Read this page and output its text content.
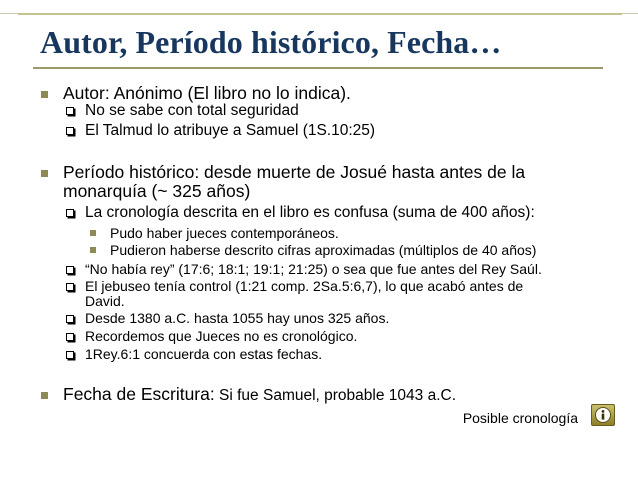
Autor, Período histórico, Fecha…
Autor: Anónimo (El libro no lo indica).
No se sabe con total seguridad
El Talmud lo atribuye a Samuel (1S.10:25)
Período histórico: desde muerte de Josué hasta antes de la
monarquía (~ 325 años)
La cronología descrita en el libro es confusa (suma de 400 años):
Pudo haber jueces contemporáneos.
Pudieron haberse descrito cifras aproximadas (múltiplos de 40 años)
“No había rey” (17:6; 18:1; 19:1; 21:25) o sea que fue antes del Rey Saúl.
El jebuseo tenía control (1:21 comp. 2Sa.5:6,7), lo que acabó antes de
David.
Desde 1380 a.C. hasta 1055 hay unos 325 años.
Recordemos que Jueces no es cronológico.
1Rey.6:1 concuerda con estas fechas.
Fecha de Escritura: Si fue Samuel, probable 1043 a.C.
Posible cronología
